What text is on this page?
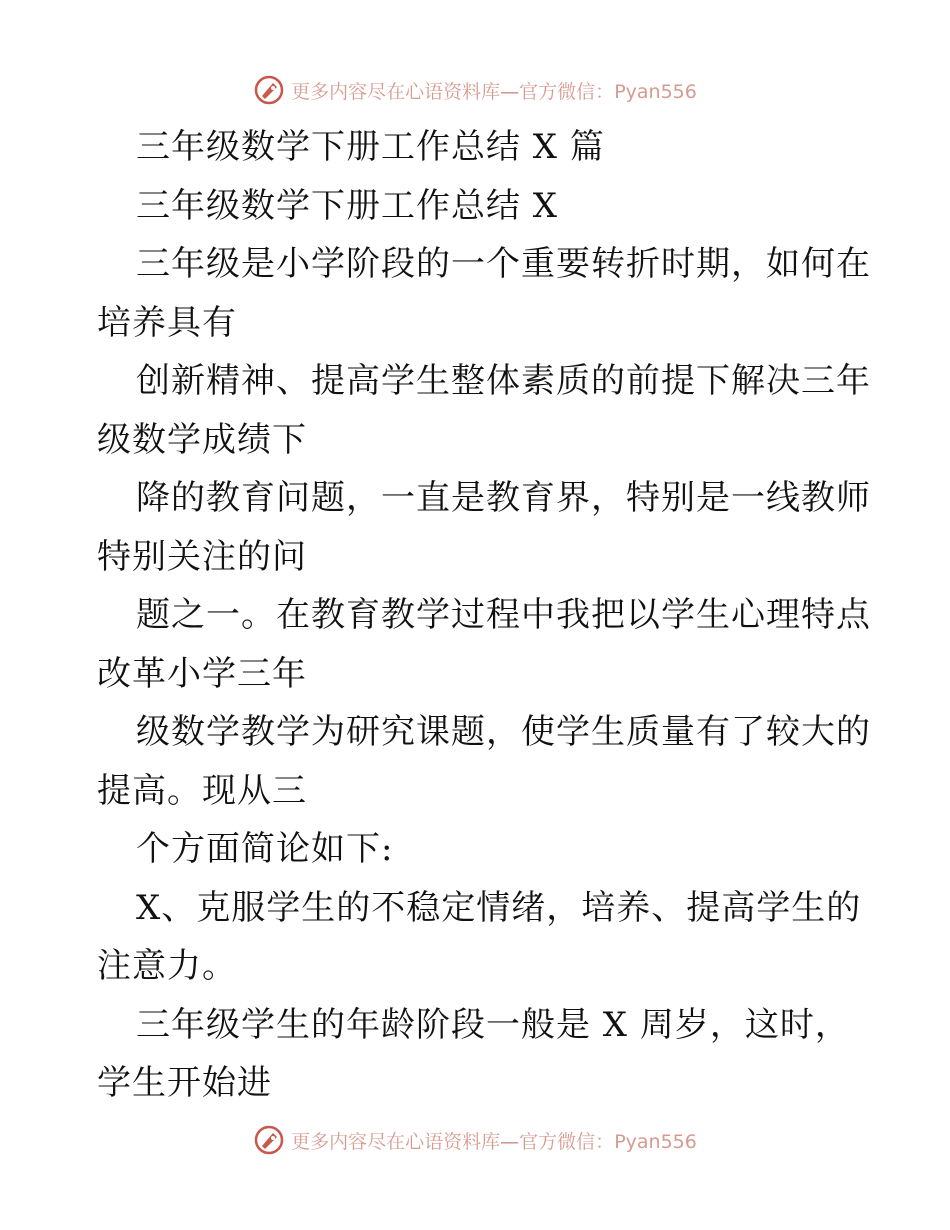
更多内容尽在心语资料库—官方微信：Pyan556
三年级数学下册工作总结 X 篇
三年级数学下册工作总结 X
三年级是小学阶段的一个重要转折时期，如何在
培养具有
创新精神、提高学生整体素质的前提下解决三年
级数学成绩下
降的教育问题，一直是教育界，特别是一线教师
特别关注的问
题之一。在教育教学过程中我把以学生心理特点
改革小学三年
级数学教学为研究课题，使学生质量有了较大的
提高。现从三
个方面简论如下:
X、克服学生的不稳定情绪，培养、提高学生的
注意力。
三年级学生的年龄阶段一般是 X 周岁，这时，
学生开始进
更多内容尽在心语资料库—官方微信：Pyan556
